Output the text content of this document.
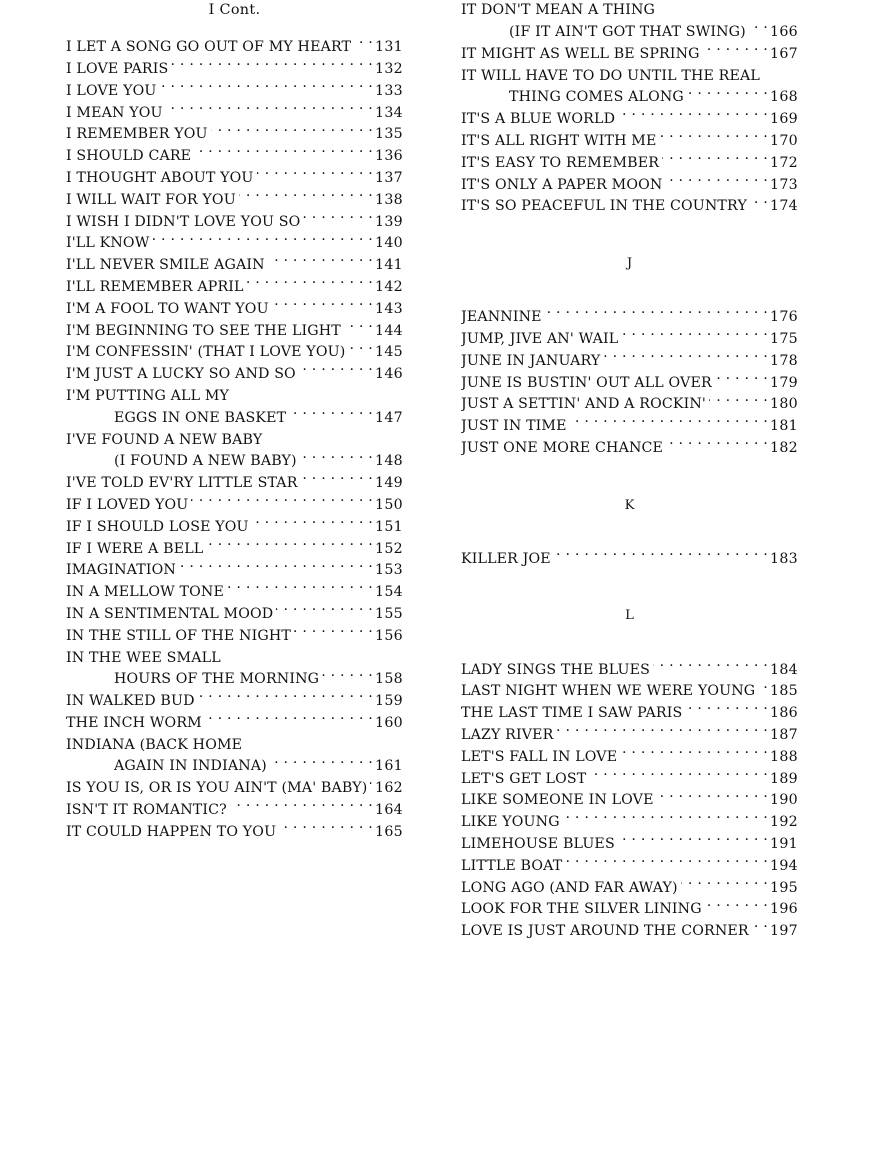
I Cont.
I LET A SONG GO OUT OF MY HEART . . . 131
I LOVE PARIS . . .	132
I LOVE YOU . . .	133
I MEAN YOU . . .	134
I REMEMBER YOU . . .	135
I SHOULD CARE . . .	136
I THOUGHT ABOUT YOU . . .	137
I WILL WAIT FOR YOU . . .	138
I WISH I DIDN'T LOVE YOU SO . . .	139
I'LL KNOW . . .	140
I'LL NEVER SMILE AGAIN . . .	141
I'LL REMEMBER APRIL . . .	142
I'M A FOOL TO WANT YOU . . .	143
I'M BEGINNING TO SEE THE LIGHT . . . 144
I'M CONFESSIN' (THAT I LOVE YOU) . . . 145
I'M JUST A LUCKY SO AND SO . . .	146
I'M PUTTING ALL MY
EGGS IN ONE BASKET . . .	147
I'VE FOUND A NEW BABY
(I FOUND A NEW BABY) . . .	148
I'VE TOLD EV'RY LITTLE STAR . . .	149
IF I LOVED YOU . . .	150
IF I SHOULD LOSE YOU . . .	151
IF I WERE A BELL . . .	152
IMAGINATION . . .	153
IN A MELLOW TONE . . .	154
IN A SENTIMENTAL MOOD . . .	155
IN THE STILL OF THE NIGHT . . .	156
IN THE WEE SMALL
HOURS OF THE MORNING . . .	158
IN WALKED BUD . . .	159
THE INCH WORM . . .	160
INDIANA (BACK HOME
AGAIN IN INDIANA) . . .	161
IS YOU IS, OR IS YOU AIN'T (MA' BABY) . . . 162
ISN'T IT ROMANTIC? . . .	164
IT COULD HAPPEN TO YOU . . .	165
IT DON'T MEAN A THING
(IF IT AIN'T GOT THAT SWING) . . . 166
IT MIGHT AS WELL BE SPRING . . .	167
IT WILL HAVE TO DO UNTIL THE REAL
THING COMES ALONG . . .	168
IT'S A BLUE WORLD . . .	169
IT'S ALL RIGHT WITH ME . . .	170
IT'S EASY TO REMEMBER . . .	172
IT'S ONLY A PAPER MOON . . .	173
IT'S SO PEACEFUL IN THE COUNTRY . . . 174
J
JEANNINE . . .	176
JUMP, JIVE AN' WAIL . . .	175
JUNE IN JANUARY . . .	178
JUNE IS BUSTIN' OUT ALL OVER . . .	179
JUST A SETTIN' AND A ROCKIN' . . .	180
JUST IN TIME . . .	181
JUST ONE MORE CHANCE . . .	182
K
KILLER JOE . . .	183
L
LADY SINGS THE BLUES . . .	184
LAST NIGHT WHEN WE WERE YOUNG . . . 185
THE LAST TIME I SAW PARIS . . .	186
LAZY RIVER . . .	187
LET'S FALL IN LOVE . . .	188
LET'S GET LOST . . .	189
LIKE SOMEONE IN LOVE . . .	190
LIKE YOUNG . . .	192
LIMEHOUSE BLUES . . .	191
LITTLE BOAT . . .	194
LONG AGO (AND FAR AWAY) . . .	195
LOOK FOR THE SILVER LINING . . .	196
LOVE IS JUST AROUND THE CORNER . . . 197
